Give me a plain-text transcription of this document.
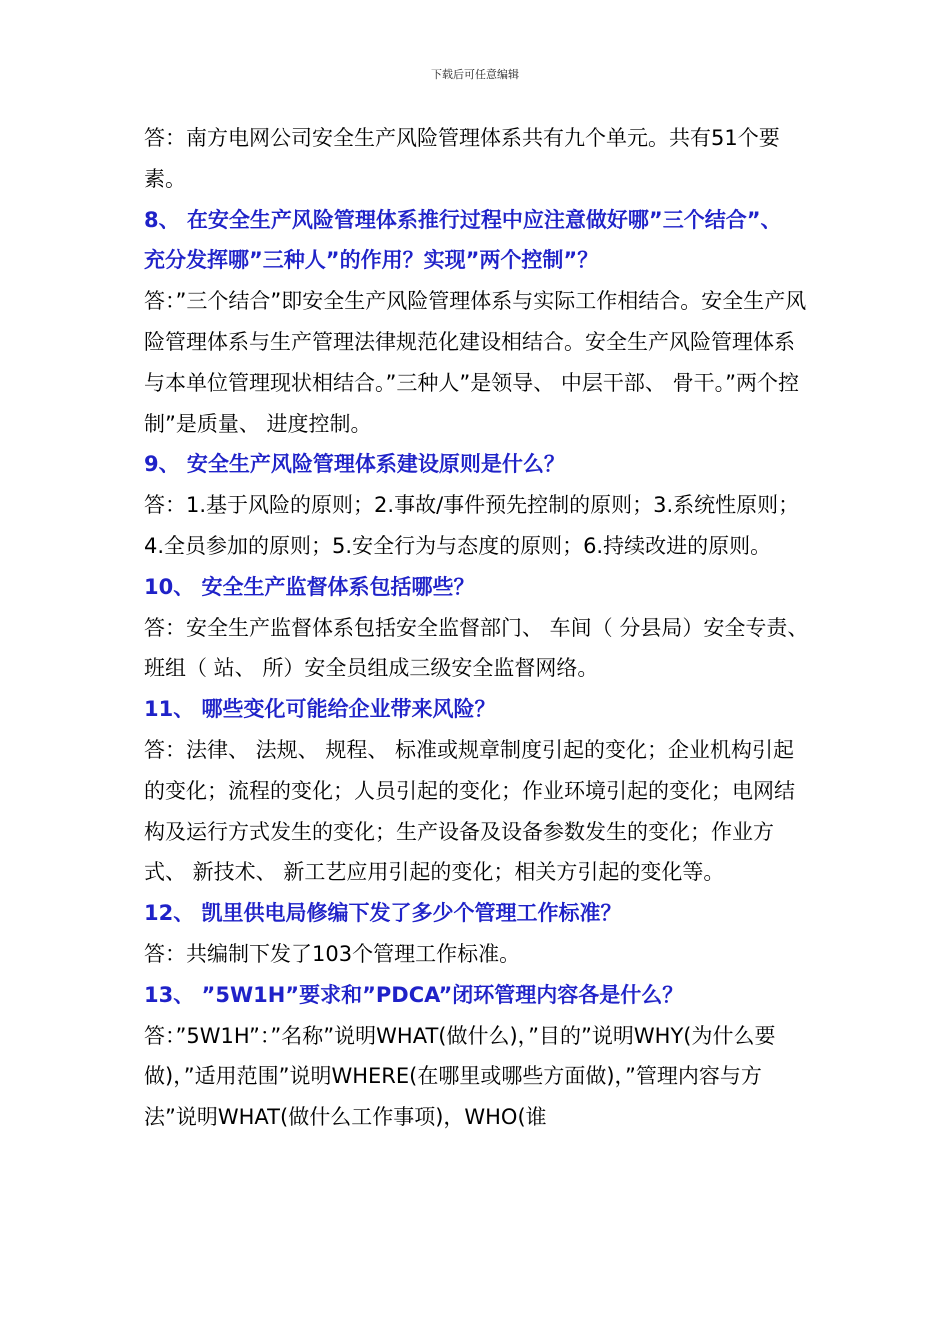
下载后可任意编辑

答：南方电网公司安全生产风险管理体系共有九个单元。共有51个要素。

8、 在安全生产风险管理体系推行过程中应注意做好哪”三个结合”、 充分发挥哪”三种人”的作用？实现”两个控制”？

答：”三个结合”即安全生产风险管理体系与实际工作相结合。安全生产风险管理体系与生产管理法律规范化建设相结合。安全生产风险管理体系与本单位管理现状相结合。”三种人”是领导、 中层干部、 骨干。”两个控制”是质量、 进度控制。

9、 安全生产风险管理体系建设原则是什么？

答：1.基于风险的原则；2.事故/事件预先控制的原则；3.系统性原则；4.全员参加的原则；5.安全行为与态度的原则；6.持续改进的原则。

10、 安全生产监督体系包括哪些？

答：安全生产监督体系包括安全监督部门、 车间（ 分县局）安全专责、 班组（ 站、 所）安全员组成三级安全监督网络。

11、 哪些变化可能给企业带来风险？

答：法律、 法规、 规程、 标准或规章制度引起的变化；企业机构引起的变化；流程的变化；人员引起的变化；作业环境引起的变化；电网结构及运行方式发生的变化；生产设备及设备参数发生的变化；作业方式、 新技术、 新工艺应用引起的变化；相关方引起的变化等。

12、 凯里供电局修编下发了多少个管理工作标准？

答：共编制下发了103个管理工作标准。

13、 ”5W1H”要求和”PDCA”闭环管理内容各是什么？

答：”5W1H”：”名称”说明WHAT(做什么)，”目的”说明WHY(为什么要做)，”适用范围”说明WHERE(在哪里或哪些方面做)，”管理内容与方法”说明WHAT(做什么工作事项)，WHO(谁
